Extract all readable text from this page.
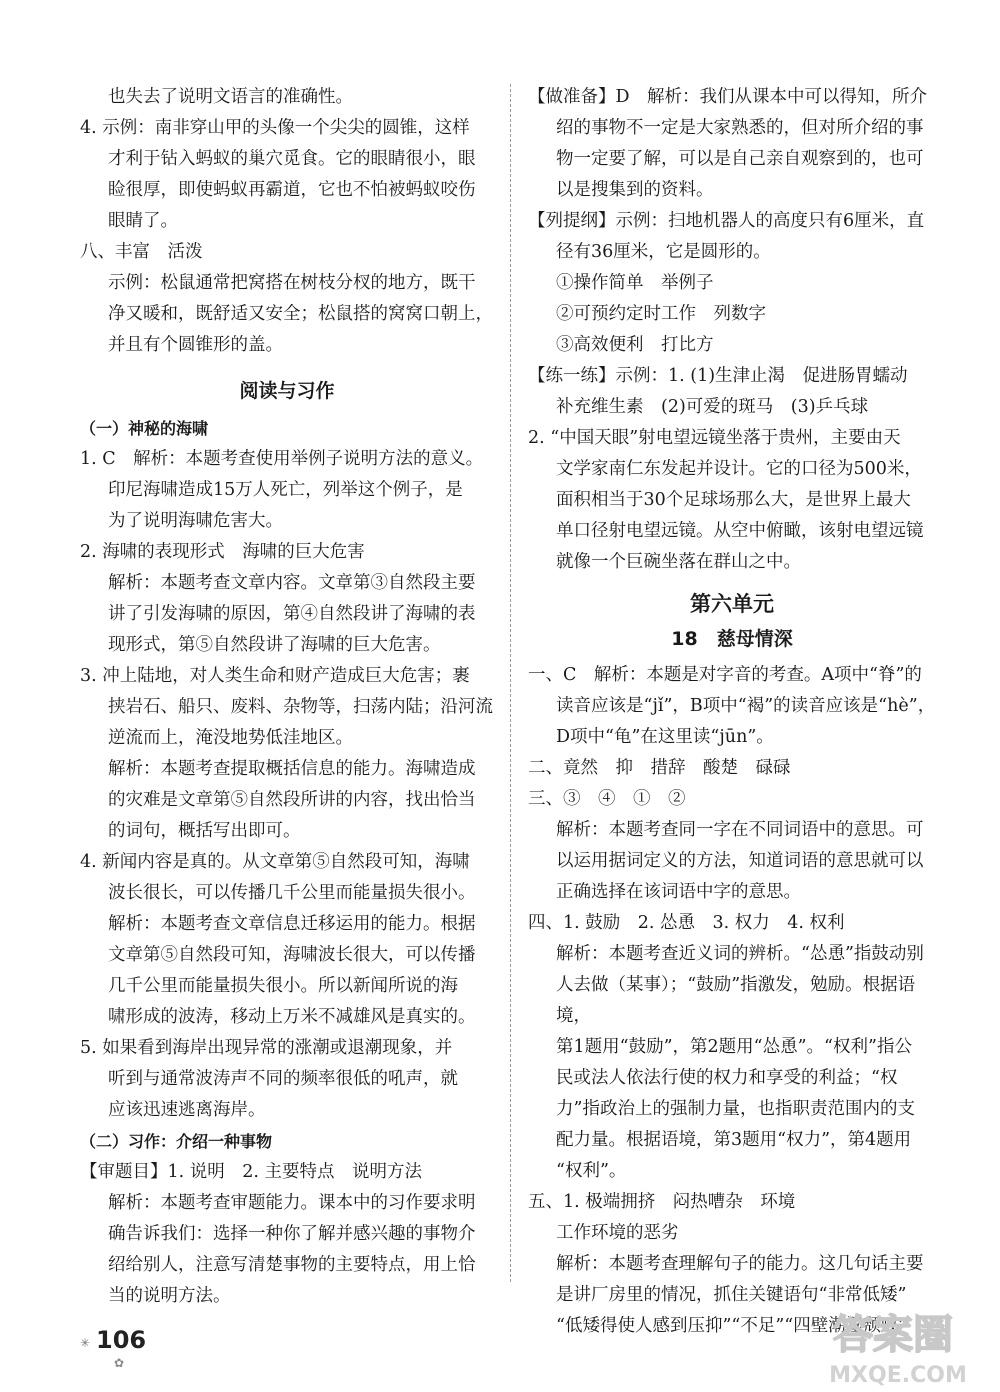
也失去了说明文语言的准确性。

4. 示例：南非穿山甲的头像一个尖尖的圆锥，这样

才利于钻入蚂蚁的巢穴觅食。它的眼睛很小，眼

睑很厚，即使蚂蚁再霸道，它也不怕被蚂蚁咬伤

眼睛了。

八、丰富　活泼

示例：松鼠通常把窝搭在树枝分杈的地方，既干

净又暖和，既舒适又安全；松鼠搭的窝窝口朝上，

并且有个圆锥形的盖。

阅读与习作

（一）神秘的海啸

1. C　解析：本题考查使用举例子说明方法的意义。

印尼海啸造成15万人死亡，列举这个例子，是

为了说明海啸危害大。

2. 海啸的表现形式　海啸的巨大危害

解析：本题考查文章内容。文章第③自然段主要

讲了引发海啸的原因，第④自然段讲了海啸的表

现形式，第⑤自然段讲了海啸的巨大危害。

3. 冲上陆地，对人类生命和财产造成巨大危害；裹

挟岩石、船只、废料、杂物等，扫荡内陆；沿河流

逆流而上，淹没地势低洼地区。

解析：本题考查提取概括信息的能力。海啸造成

的灾难是文章第⑤自然段所讲的内容，找出恰当

的词句，概括写出即可。

4. 新闻内容是真的。从文章第⑤自然段可知，海啸

波长很长，可以传播几千公里而能量损失很小。

解析：本题考查文章信息迁移运用的能力。根据

文章第⑤自然段可知，海啸波长很大，可以传播

几千公里而能量损失很小。所以新闻所说的海

啸形成的波涛，移动上万米不减雄风是真实的。

5. 如果看到海岸出现异常的涨潮或退潮现象，并

听到与通常波涛声不同的频率很低的吼声，就

应该迅速逃离海岸。

（二）习作：介绍一种事物

【审题目】1. 说明　2. 主要特点　说明方法

解析：本题考查审题能力。课本中的习作要求明

确告诉我们：选择一种你了解并感兴趣的事物介

绍给别人，注意写清楚事物的主要特点，用上恰

当的说明方法。

【做准备】D　解析：我们从课本中可以得知，所介

绍的事物不一定是大家熟悉的，但对所介绍的事

物一定要了解，可以是自己亲自观察到的，也可

以是搜集到的资料。

【列提纲】示例：扫地机器人的高度只有6厘米，直

径有36厘米，它是圆形的。

①操作简单　举例子

②可预约定时工作　列数字

③高效便利　打比方

【练一练】示例：1. (1)生津止渴　促进肠胃蠕动

补充维生素　(2)可爱的斑马　(3)乒乓球

2. “中国天眼”射电望远镜坐落于贵州，主要由天

文学家南仁东发起并设计。它的口径为500米，

面积相当于30个足球场那么大，是世界上最大

单口径射电望远镜。从空中俯瞰，该射电望远镜

就像一个巨碗坐落在群山之中。

第六单元

18　慈母情深

一、C　解析：本题是对字音的考查。A项中“脊”的

读音应该是“jǐ”，B项中“褐”的读音应该是“hè”，

D项中“龟”在这里读“jūn”。

二、竟然　抑　措辞　酸楚　碌碌

三、③　④　①　②

解析：本题考查同一字在不同词语中的意思。可

以运用据词定义的方法，知道词语的意思就可以

正确选择在该词语中字的意思。

四、1. 鼓励　2. 怂恿　3. 权力　4. 权利

解析：本题考查近义词的辨析。“怂恿”指鼓动别

人去做（某事）；“鼓励”指激发，勉励。根据语境，

第1题用“鼓励”，第2题用“怂恿”。“权利”指公

民或法人依法行使的权力和享受的利益；“权

力”指政治上的强制力量，也指职责范围内的支

配力量。根据语境，第3题用“权力”，第4题用

“权利”。

五、1. 极端拥挤　闷热嘈杂　环境

工作环境的恶劣

解析：本题考查理解句子的能力。这几句话主要

是讲厂房里的情况，抓住关键语句“非常低矮”

“低矮得使人感到压抑”“不足”“四壁潮湿颓败”

✳ 106
✿
答案圈
MXQE.COM
